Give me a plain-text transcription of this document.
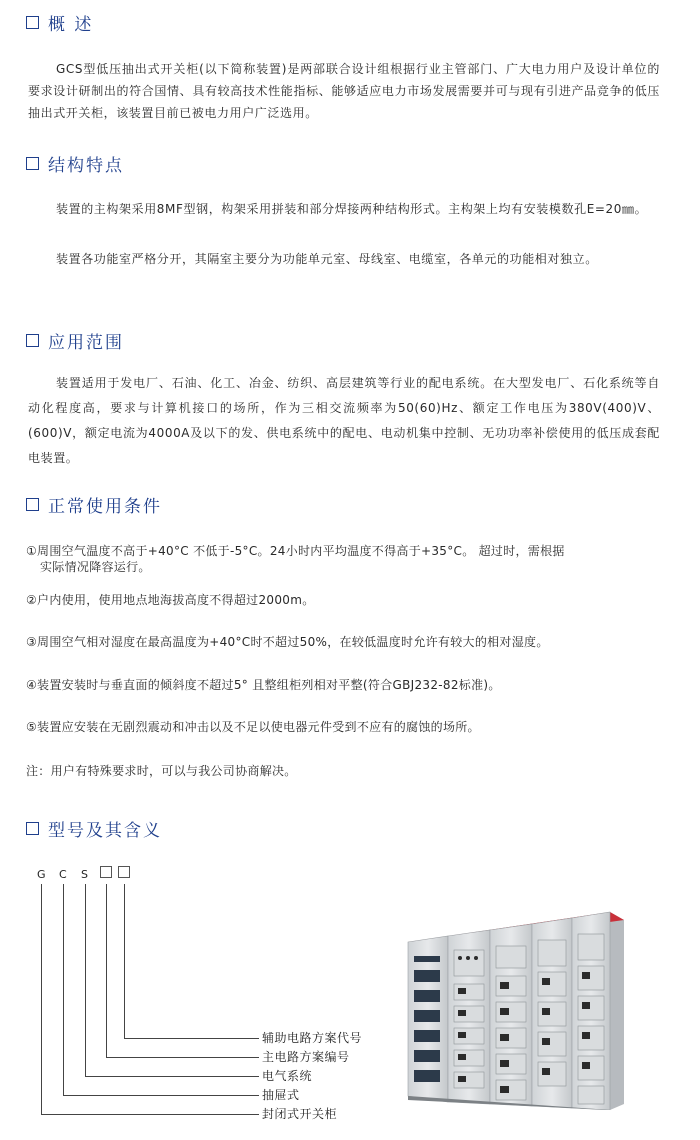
概 述
GCS型低压抽出式开关柜(以下简称装置)是两部联合设计组根据行业主管部门、广大电力用户及设计单位的要求设计研制出的符合国情、具有较高技术性能指标、能够适应电力市场发展需要并可与现有引进产品竞争的低压抽出式开关柜，该装置目前已被电力用户广泛选用。
结构特点
装置的主构架采用8MF型钢，构架采用拼装和部分焊接两种结构形式。主构架上均有安装模数孔E=20㎜。
装置各功能室严格分开，其隔室主要分为功能单元室、母线室、电缆室，各单元的功能相对独立。
应用范围
装置适用于发电厂、石油、化工、冶金、纺织、高层建筑等行业的配电系统。在大型发电厂、石化系统等自动化程度高，要求与计算机接口的场所，作为三相交流频率为50(60)Hz、额定工作电压为380V(400)V、(600)V，额定电流为4000A及以下的发、供电系统中的配电、电动机集中控制、无功功率补偿使用的低压成套配电装置。
正常使用条件
①周围空气温度不高于+40°C 不低于-5°C。24小时内平均温度不得高于+35°C。 超过时，需根据
实际情况降容运行。
②户内使用，使用地点地海拔高度不得超过2000m。
③周围空气相对湿度在最高温度为+40°C时不超过50%，在较低温度时允许有较大的相对湿度。
④装置安装时与垂直面的倾斜度不超过5° 且整组柜列相对平整(符合GBJ232-82标准)。
⑤装置应安装在无剧烈震动和冲击以及不足以使电器元件受到不应有的腐蚀的场所。
注：用户有特殊要求时，可以与我公司协商解决。
型号及其含义
G C S
辅助电路方案代号
主电路方案编号
电气系统
抽屉式
封闭式开关柜
